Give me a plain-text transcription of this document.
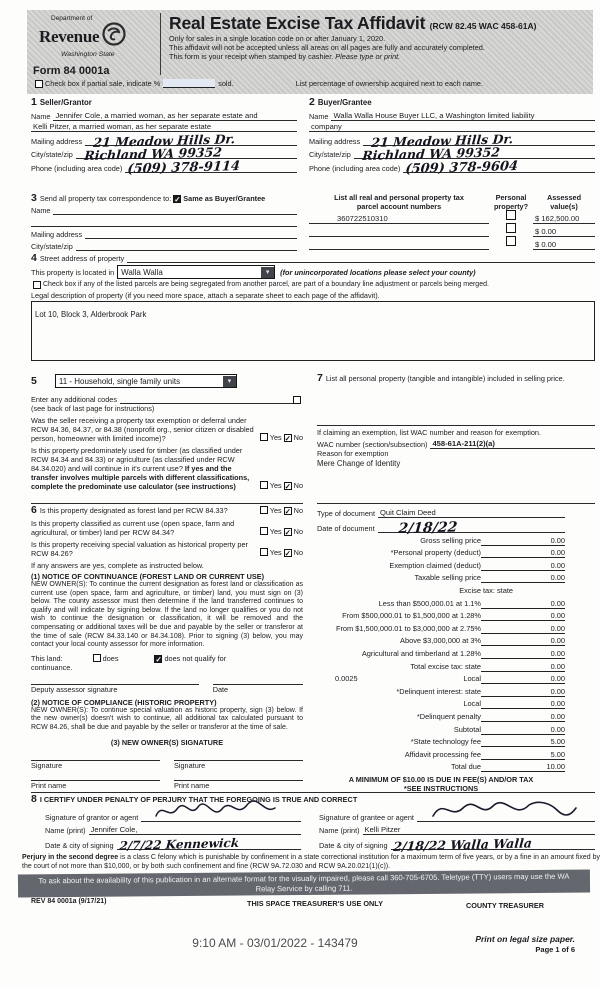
Department of
Revenue
Washington State
Form 84 0001a
Real Estate Excise Tax Affidavit (RCW 82.45 WAC 458-61A)
Only for sales in a single location code on or after January 1, 2020.
This affidavit will not be accepted unless all areas on all pages are fully and accurately completed.
This form is your receipt when stamped by cashier. Please type or print.
Check box if partial sale, indicate %	sold.	List percentage of ownership acquired next to each name.
1 Seller/Grantor
Name Jennifer Cole, a married woman, as her separate estate and
Kelli Pitzer, a married woman, as her separate estate
Mailing address 21 Meadow Hills Dr.
City/state/zip Richland WA 99352
Phone (including area code) (509) 378-9114
2 Buyer/Grantee
Name Walla Walla House Buyer LLC, a Washington limited liability
company
Mailing address 21 Meadow Hills Dr.
City/state/zip Richland WA 99352
Phone (including area code) (509) 378-9604
3 Send all property tax correspondence to: ✓ Same as Buyer/Grantee
Name
Mailing address
City/state/zip
List all real and personal property tax
parcel account numbers
Personal
property?
Assessed
value(s)
360722510310	$ 162,500.00
$ 0.00
$ 0.00
4 Street address of property
This property is located in Walla Walla	▾	(for unincorporated locations please select your county)
Check box if any of the listed parcels are being segregated from another parcel, are part of a boundary line adjustment or parcels being merged.
Legal description of property (if you need more space, attach a separate sheet to each page of the affidavit).
Lot 10, Block 3, Alderbrook Park
5	11 - Household, single family units	▾
Enter any additional codes
(see back of last page for instructions)
Was the seller receiving a property tax exemption or deferral under RCW 84.36, 84.37, or 84.38 (nonprofit org., senior citizen or disabled person, homeowner with limited income)?	Yes ✓ No
Is this property predominately used for timber (as classified under RCW 84.34 and 84.33) or agriculture (as classified under RCW 84.34.020) and will continue in it's current use? If yes and the transfer involves multiple parcels with different classifications, complete the predominate use calculator (see instructions)	Yes ✓ No
7 List all personal property (tangible and intangible) included in selling price.
If claiming an exemption, list WAC number and reason for exemption.
WAC number (section/subsection) 458-61A-211(2)(a)
Reason for exemption
Mere Change of Identity
6 Is this property designated as forest land per RCW 84.33?	Yes ✓ No
Is this property classified as current use (open space, farm and agricultural, or timber) land per RCW 84.34?	Yes ✓ No
Is this property receiving special valuation as historical property per RCW 84.26?	Yes ✓ No
If any answers are yes, complete as instructed below.
(1) NOTICE OF CONTINUANCE (FOREST LAND OR CURRENT USE)
NEW OWNER(S): To continue the current designation as forest land or classification as current use (open space, farm and agriculture, or timber) land, you must sign on (3) below. The county assessor must then determine if the land transferred continues to qualify and will indicate by signing below. If the land no longer qualifies or you do not wish to continue the designation or classification, it will be removed and the compensating or additional taxes will be due and payable by the seller or transferor at the time of sale (RCW 84.33.140 or 84.34.108). Prior to signing (3) below, you may contact your local county assessor for more information.
This land:	does ✓	does not qualify for
continuance.
Deputy assessor signature	Date
(2) NOTICE OF COMPLIANCE (HISTORIC PROPERTY)
NEW OWNER(S): To continue special valuation as historic property, sign (3) below. If the new owner(s) doesn't wish to continue, all additional tax calculated pursuant to RCW 84.26, shall be due and payable by the seller or transferor at the time of sale.
(3) NEW OWNER(S) SIGNATURE
Signature	Signature
Print name	Print name
Type of document Quit Claim Deed
Date of document 2/18/22
Gross selling price	0.00
*Personal property (deduct)	0.00
Exemption claimed (deduct)	0.00
Taxable selling price	0.00
Excise tax: state
Less than $500,000.01 at 1.1%	0.00
From $500,000.01 to $1,500,000 at 1.28%	0.00
From $1,500,000.01 to $3,000,000 at 2.75%	0.00
Above $3,000,000 at 3%	0.00
Agricultural and timberland at 1.28%	0.00
Total excise tax: state	0.00
0.0025	Local	0.00
*Delinquent interest: state	0.00
Local	0.00
*Delinquent penalty	0.00
Subtotal	0.00
*State technology fee	5.00
Affidavit processing fee	5.00
Total due	10.00
A MINIMUM OF $10.00 IS DUE IN FEE(S) AND/OR TAX
*SEE INSTRUCTIONS
8 I CERTIFY UNDER PENALTY OF PERJURY THAT THE FOREGOING IS TRUE AND CORRECT
Signature of grantor or agent
Name (print) Jennifer Cole,
Date & city of signing 2/7/22 Kennewick
Signature of grantee or agent
Name (print) Kelli Pitzer
Date & city of signing 2/18/22 Walla Walla
Perjury in the second degree is a class C felony which is punishable by confinement in a state correctional institution for a maximum term of five years, or by a fine in an amount fixed by the court of not more than $10,000, or by both such confinement and fine (RCW 9A.72.030 and RCW 9A.20.021(1)(c)).
To ask about the availability of this publication in an alternate format for the visually impaired, please call 360-705-6705. Teletype (TTY) users may use the WA Relay Service by calling 711.
REV 84 0001a (9/17/21)	THIS SPACE TREASURER'S USE ONLY	COUNTY TREASURER
9:10 AM - 03/01/2022 - 143479	Print on legal size paper.
Page 1 of 6
